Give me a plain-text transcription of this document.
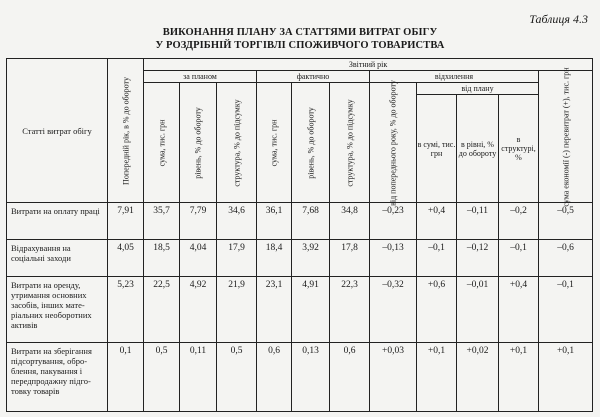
Таблиця 4.3
ВИКОНАННЯ ПЛАНУ ЗА СТАТТЯМИ ВИТРАТ ОБІГУ
У РОЗДРІБНІЙ ТОРГІВЛІ СПОЖИВЧОГО ТОВАРИСТВА
Статті витрат обігу	Попередній рік, в % до обороту	Звітний рік										
		за планом			фактично			відхилення				сума економії (-) перевитрат (+), тис. грн

		сума, тис. грн	рівень, % до обороту	структура, % до підсумку	сума, тис. грн	рівень, % до обороту	структура, % до підсумку	від попереднього року, % до обороту	від плану			
									в сумі, тис. грн	в рівні, % до обороту	в структурі, %	
Витрати на оплату праці	7,91	35,7	7,79	34,6	36,1	7,68	34,8	–0,23	+0,4	–0,11	–0,2	–0,5
Відрахування на соціальні заходи	4,05	18,5	4,04	17,9	18,4	3,92	17,8	–0,13	–0,1	–0,12	–0,1	–0,6
Витрати на оренду, утримання основних засобів, інших мате- ріальних необоротних активів	5,23	22,5	4,92	21,9	23,1	4,91	22,3	–0,32	+0,6	–0,01	+0,4	–0,1
Витрати на зберігання підсортування, обро- блення, пакування і передпродажну підго- товку товарів	0,1	0,5	0,11	0,5	0,6	0,13	0,6	+0,03	+0,1	+0,02	+0,1	+0,1
